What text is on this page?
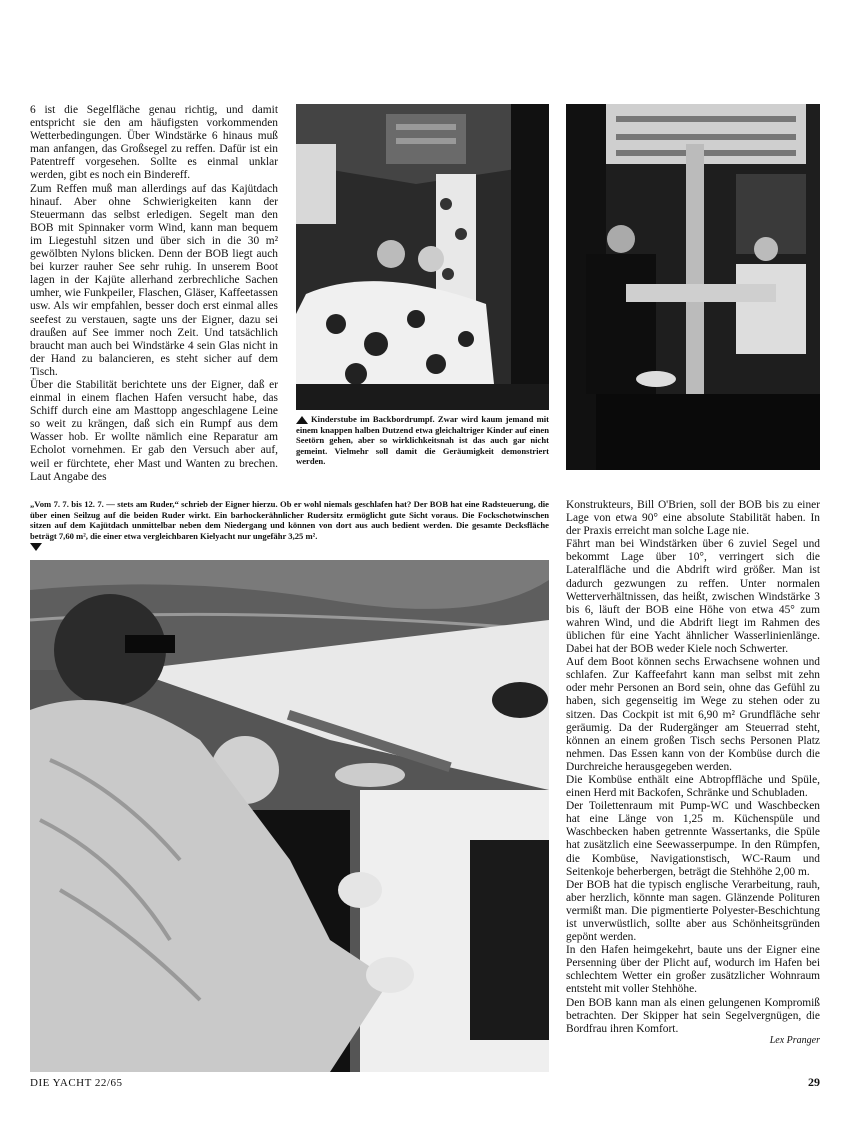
6 ist die Segelfläche genau richtig, und damit entspricht sie den am häufigsten vorkommenden Wetterbedingungen. Über Windstärke 6 hinaus muß man anfangen, das Großsegel zu reffen. Dafür ist ein Patentreff vorgesehen. Sollte es einmal unklar werden, gibt es noch ein Bindereff.

Zum Reffen muß man allerdings auf das Kajütdach hinauf. Aber ohne Schwierigkeiten kann der Steuermann das selbst erledigen. Segelt man den BOB mit Spinnaker vorm Wind, kann man bequem im Liegestuhl sitzen und über sich in die 30 m² gewölbten Nylons blicken. Denn der BOB liegt auch bei kurzer rauher See sehr ruhig. In unserem Boot lagen in der Kajüte allerhand zerbrechliche Sachen umher, wie Funkpeiler, Flaschen, Gläser, Kaffeetassen usw. Als wir empfahlen, besser doch erst einmal alles seefest zu verstauen, sagte uns der Eigner, dazu sei draußen auf See immer noch Zeit. Und tatsächlich braucht man auch bei Windstärke 4 sein Glas nicht in der Hand zu balancieren, es steht sicher auf dem Tisch.

Über die Stabilität berichtete uns der Eigner, daß er einmal in einem flachen Hafen versucht habe, das Schiff durch eine am Masttopp angeschlagene Leine so weit zu krängen, daß sich ein Rumpf aus dem Wasser hob. Er wollte nämlich eine Reparatur am Echolot vornehmen. Er gab den Versuch aber auf, weil er fürchtete, eher Mast und Wanten zu brechen. Laut Angabe des

Kinderstube im Backbordrumpf. Zwar wird kaum jemand mit einem knappen halben Dutzend etwa gleichaltriger Kinder auf einen Seetörn gehen, aber so wirklichkeitsnah ist das auch gar nicht gemeint. Vielmehr soll damit die Geräumigkeit demonstriert werden.

„Vom 7. 7. bis 12. 7. — stets am Ruder,“ schrieb der Eigner hierzu. Ob er wohl niemals geschlafen hat? Der BOB hat eine Radsteuerung, die über einen Seilzug auf die beiden Ruder wirkt. Ein barhockerähnlicher Rudersitz ermöglicht gute Sicht voraus. Die Fockschotwinschen sitzen auf dem Kajütdach unmittelbar neben dem Niedergang und können von dort aus auch bedient werden. Die gesamte Decksfläche beträgt 7,60 m², die einer etwa vergleichbaren Kielyacht nur ungefähr 3,25 m².

Konstrukteurs, Bill O'Brien, soll der BOB bis zu einer Lage von etwa 90° eine absolute Stabilität haben. In der Praxis erreicht man solche Lage nie.

Fährt man bei Windstärken über 6 zuviel Segel und bekommt Lage über 10°, verringert sich die Lateralfläche und die Abdrift wird größer. Man ist dadurch gezwungen zu reffen. Unter normalen Wetterverhältnissen, das heißt, zwischen Windstärke 3 bis 6, läuft der BOB eine Höhe von etwa 45° zum wahren Wind, und die Abdrift liegt im Rahmen des üblichen für eine Yacht ähnlicher Wasserlinienlänge. Dabei hat der BOB weder Kiele noch Schwerter.

Auf dem Boot können sechs Erwachsene wohnen und schlafen. Zur Kaffeefahrt kann man selbst mit zehn oder mehr Personen an Bord sein, ohne das Gefühl zu haben, sich gegenseitig im Wege zu stehen oder zu sitzen. Das Cockpit ist mit 6,90 m² Grundfläche sehr geräumig. Da der Rudergänger am Steuerrad steht, können an einem großen Tisch sechs Personen Platz nehmen. Das Essen kann von der Kombüse durch die Durchreiche herausgegeben werden.

Die Kombüse enthält eine Abtropffläche und Spüle, einen Herd mit Backofen, Schränke und Schubladen.

Der Toilettenraum mit Pump-WC und Waschbecken hat eine Länge von 1,25 m. Küchenspüle und Waschbecken haben getrennte Wassertanks, die Spüle hat zusätzlich eine Seewasserpumpe. In den Rümpfen, die Kombüse, Navigationstisch, WC-Raum und Seitenkoje beherbergen, beträgt die Stehhöhe 2,00 m.

Der BOB hat die typisch englische Verarbeitung, rauh, aber herzlich, könnte man sagen. Glänzende Polituren vermißt man. Die pigmentierte Polyester-Beschichtung ist unverwüstlich, sollte aber aus Schönheitsgründen gepönt werden.

In den Hafen heimgekehrt, baute uns der Eigner eine Persenning über der Plicht auf, wodurch im Hafen bei schlechtem Wetter ein großer zusätzlicher Wohnraum entsteht mit voller Stehhöhe.

Den BOB kann man als einen gelungenen Kompromiß betrachten. Der Skipper hat sein Segelvergnügen, die Bordfrau ihren Komfort.

Lex Pranger
DIE YACHT 22/65	29
